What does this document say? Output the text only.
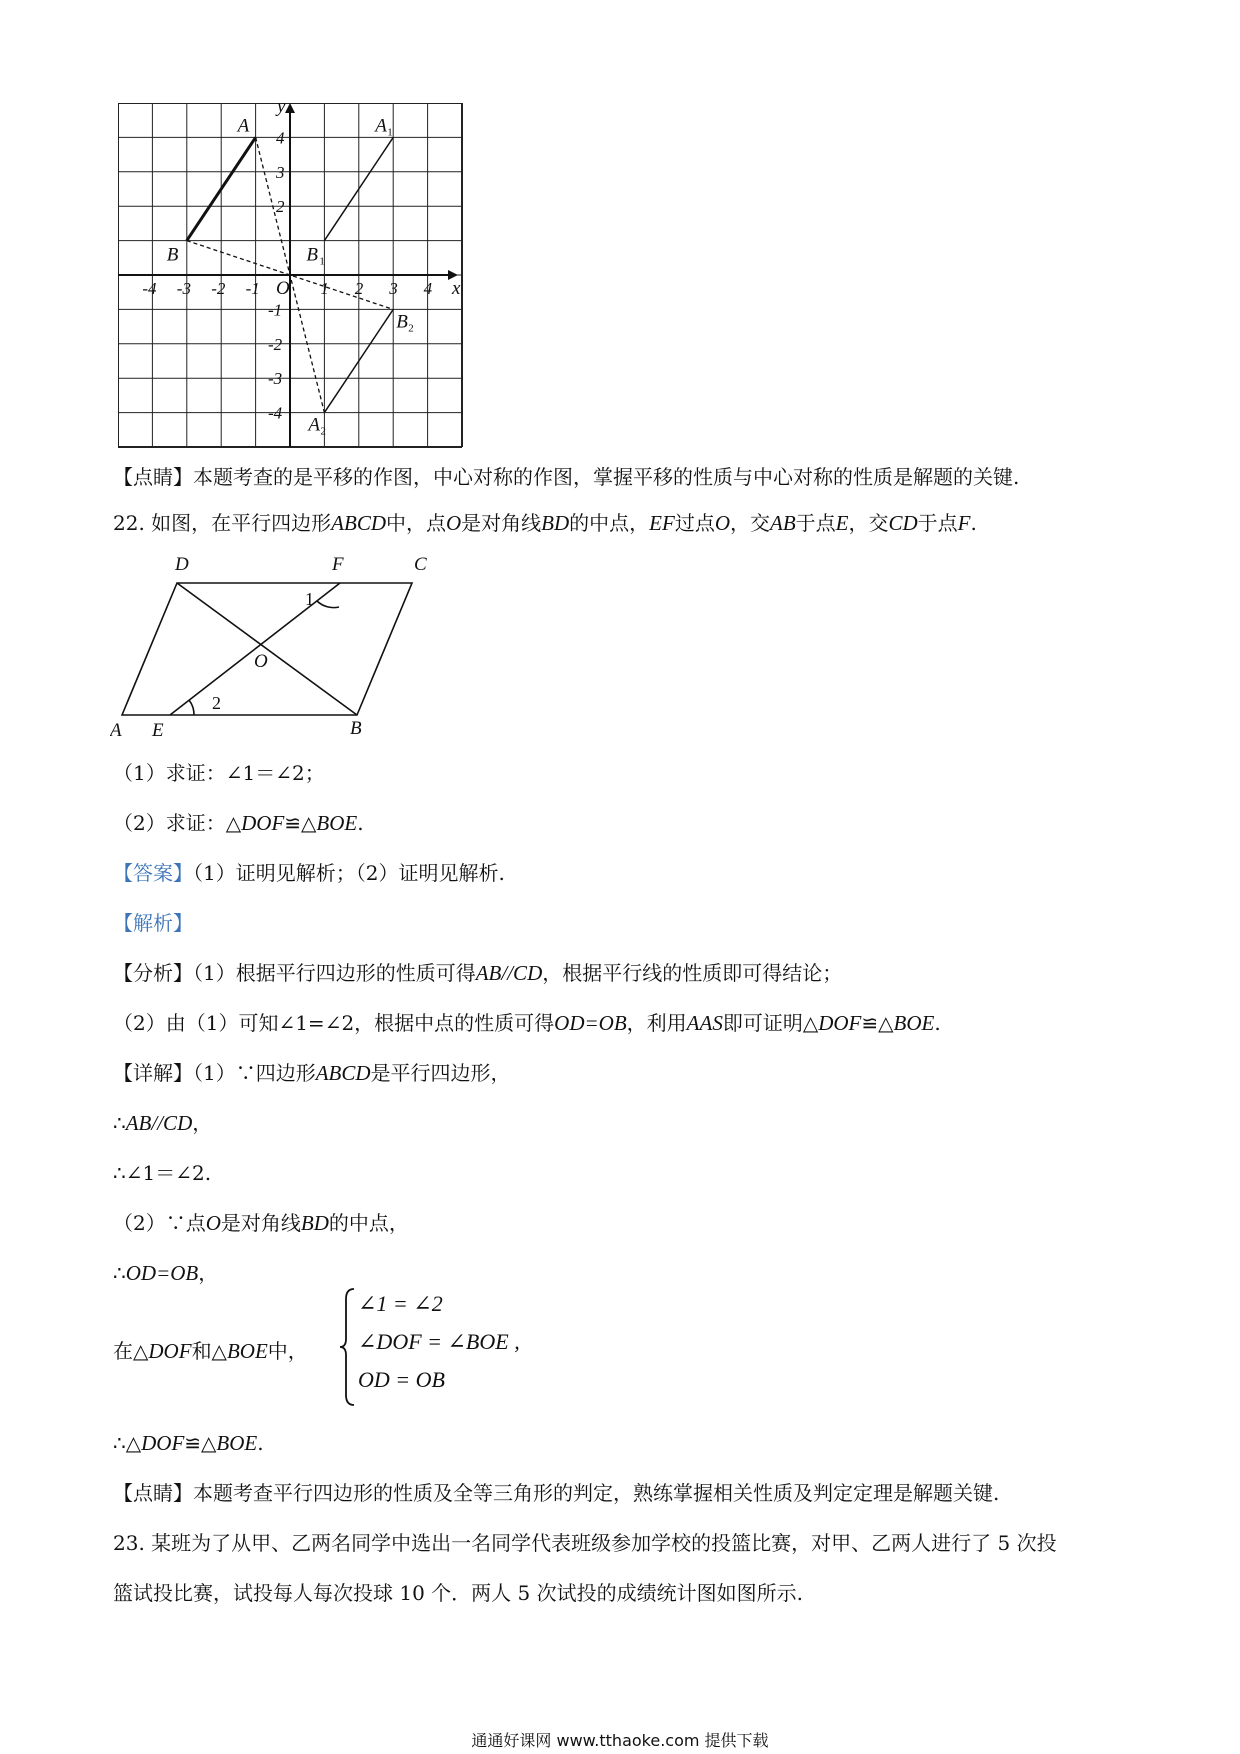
-4 -3 -2 -1	1 2 3 4
4
3
2
-1
-2
-3
-4
O	x
y
A
B
A 1
B 1
A 2
B 2
【点睛】本题考查的是平移的作图，中心对称的作图，掌握平移的性质与中心对称的性质是解题的关键.
22. 如图，在平行四边形ABCD中，点O是对角线BD的中点，EF过点O，交AB于点E，交CD于点F.
A E	B
C
D	F
O
1
2
（1）求证：∠1＝∠2；
（2）求证：△DOF≌△BOE.
【答案】（1）证明见解析；（2）证明见解析.
【解析】
【分析】（1）根据平行四边形的性质可得AB//CD，根据平行线的性质即可得结论；
（2）由（1）可知∠1=∠2，根据中点的性质可得OD=OB，利用AAS即可证明△DOF≌△BOE.
【详解】（1）∵四边形ABCD是平行四边形，
∴AB//CD，
∴∠1＝∠2.
（2）∵点O是对角线BD的中点，
∴OD=OB，
在△DOF和△BOE中，
∠1 = ∠2
∠DOF = ∠BOE ,
OD = OB
∴△DOF≌△BOE.
【点睛】本题考查平行四边形的性质及全等三角形的判定，熟练掌握相关性质及判定定理是解题关键.
23. 某班为了从甲、乙两名同学中选出一名同学代表班级参加学校的投篮比赛，对甲、乙两人进行了 5 次投
篮试投比赛，试投每人每次投球 10 个．两人 5 次试投的成绩统计图如图所示.
通通好课网 www.tthaoke.com 提供下载
